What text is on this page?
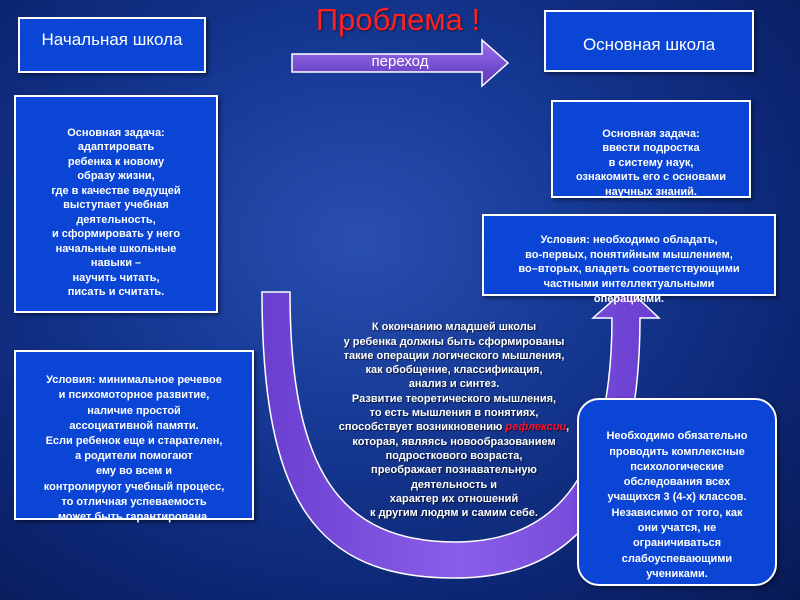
Проблема !
переход
Начальная школа	Основная школа

Основная задача:
адаптировать
ребенка к новому
образу жизни,
где в качестве ведущей
выступает учебная
деятельность,
и сформировать у него
начальные школьные
навыки –
научить читать,
писать и считать.

Основная задача:
ввести подростка
в систему наук,
ознакомить его с основами
научных знаний.

Условия: необходимо обладать,
во-первых, понятийным мышлением,
во–вторых, владеть соответствующими
частными интеллектуальными
операциями.

Условия: минимальное речевое
и психомоторное развитие,
наличие простой
ассоциативной памяти.
Если ребенок еще и старателен,
а родители помогают
ему во всем и
контролируют учебный процесс,
то отличная успеваемость
может быть гарантирована.

К окончанию младшей школы
у ребенка должны быть сформированы
такие операции логического мышления,
как обобщение, классификация,
анализ и синтез.
Развитие теоретического мышления,
то есть мышления в понятиях,
способствует возникновению рефлексии,
которая, являясь новообразованием
подросткового возраста,
преображает познавательную
деятельность и
характер их отношений
к другим людям и самим себе.

Необходимо обязательно
проводить комплексные
психологические
обследования всех
учащихся 3 (4-х) классов.
Независимо от того, как
они учатся, не
ограничиваться
слабоуспевающими
учениками.
